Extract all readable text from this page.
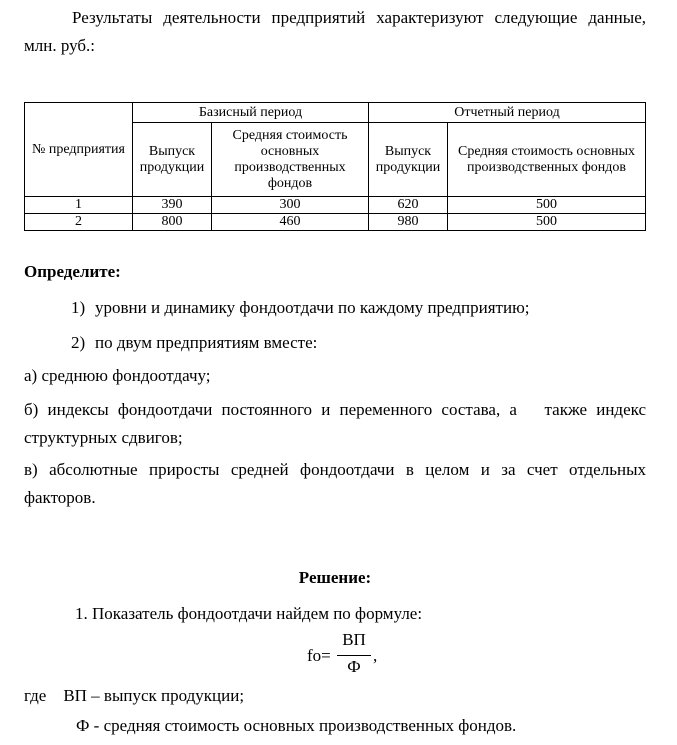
Результаты деятельности предприятий характеризуют следующие данные, млн. руб.:

№ предприятия	Базисный период		Отчетный период	
	Выпуск продукции	Средняя стоимость основных производственных фондов	Выпуск продукции	Средняя стоимость основных производственных фондов
1	390	300	620	500
2	800	460	980	500

Определите:

1) уровни и динамику фондоотдачи по каждому предприятию;
2) по двум предприятиям вместе:

а) среднюю фондоотдачу;

б) индексы фондоотдачи постоянного и переменного состава, а   также индекс структурных сдвигов;

в) абсолютные приросты средней фондоотдачи в целом и за счет отдельных факторов.

Решение:

1. Показатель фондоотдачи найдем по формуле:

fo=
ВП
Ф
,

где    ВП – выпуск продукции;

Ф - средняя стоимость основных производственных фондов.
